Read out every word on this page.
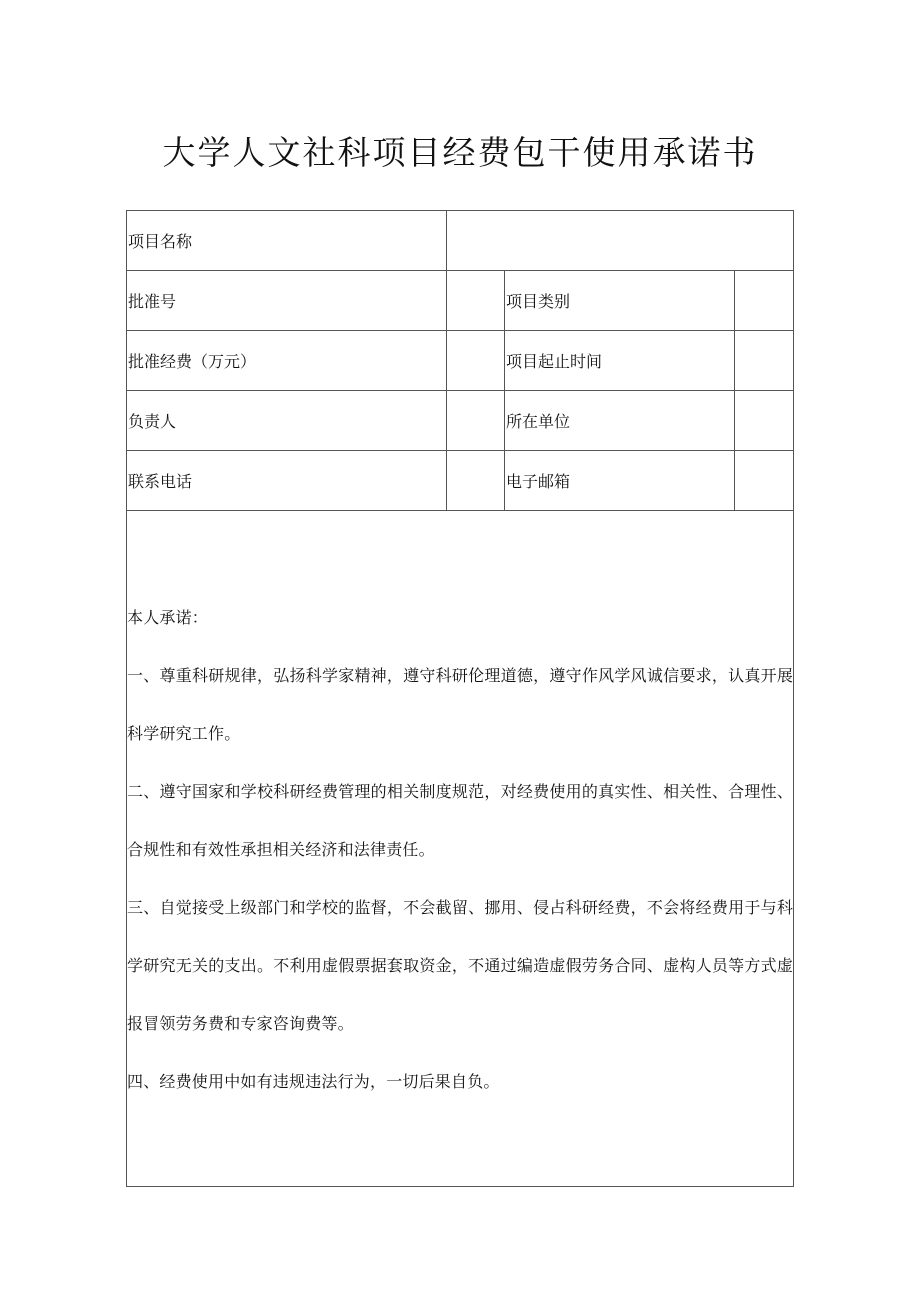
大学人文社科项目经费包干使用承诺书
项目名称			
批准号		项目类别	
批准经费（万元）		项目起止时间	
负责人		所在单位	
联系电话		电子邮箱	

本人承诺：

一、尊重科研规律，弘扬科学家精神，遵守科研伦理道德，遵守作风学风诚信要求，认真开展科学研究工作。

二、遵守国家和学校科研经费管理的相关制度规范，对经费使用的真实性、相关性、合理性、合规性和有效性承担相关经济和法律责任。

三、自觉接受上级部门和学校的监督，不会截留、挪用、侵占科研经费，不会将经费用于与科学研究无关的支出。不利用虚假票据套取资金，不通过编造虚假劳务合同、虚构人员等方式虚报冒领劳务费和专家咨询费等。

四、经费使用中如有违规违法行为，一切后果自负。			
